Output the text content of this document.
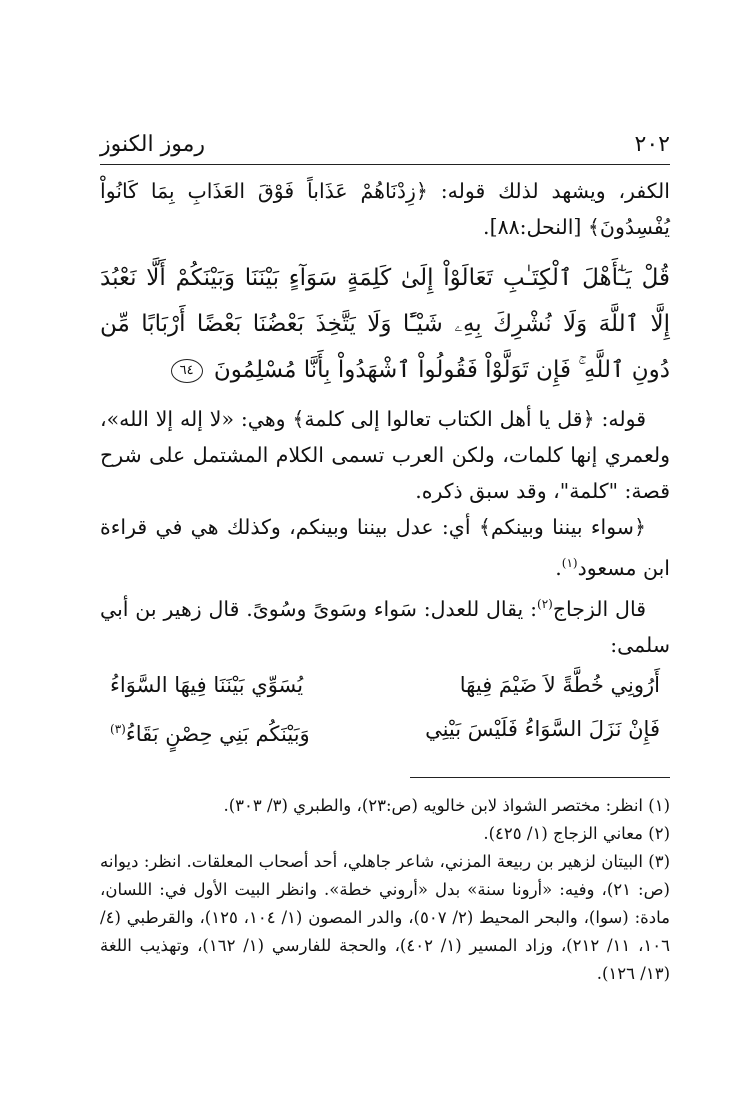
٢٠٢
رموز الكنوز

الكفر، ويشهد لذلك قوله: ﴿زِدْنَاهُمْ عَذَاباً فَوْقَ العَذَابِ بِمَا كَانُواْ يُفْسِدُونَ﴾ [النحل:٨٨].

قُلْ يَـٰٓأَهْلَ ٱلْكِتَـٰبِ تَعَالَوْاْ إِلَىٰ كَلِمَةٍ سَوَآءٍ بَيْنَنَا وَبَيْنَكُمْ أَلَّا نَعْبُدَ إِلَّا ٱللَّهَ وَلَا نُشْرِكَ بِهِۦ شَيْـًٔا وَلَا يَتَّخِذَ بَعْضُنَا بَعْضًا أَرْبَابًا مِّن دُونِ ٱللَّهِ ۚ فَإِن تَوَلَّوْاْ فَقُولُواْ ٱشْهَدُواْ بِأَنَّا مُسْلِمُونَ ٦٤

قوله: ﴿قل يا أهل الكتاب تعالوا إلى كلمة﴾ وهي: «لا إله إلا الله»، ولعمري إنها كلمات، ولكن العرب تسمى الكلام المشتمل على شرح قصة: "كلمة"، وقد سبق ذكره.

﴿سواء بيننا وبينكم﴾ أي: عدل بيننا وبينكم، وكذلك هي في قراءة ابن مسعود$^{(١)}$.

قال الزجاج$^{(٢)}$: يقال للعدل: سَواء وسَوىً وسُوىً. قال زهير بن أبي سلمى:

أَرُونِي خُطَّةً لاَ ضَيْمَ فِيهَا
يُسَوِّي بَيْنَنَا فِيهَا السَّوَاءُ
فَإِنْ نَزَلَ السَّوَاءُ فَلَيْسَ بَيْنِي
وَبَيْنَكُم بَنِي حِصْنٍ بَقَاءُ$^{(٣)}$

(١) انظر: مختصر الشواذ لابن خالويه (ص:٢٣)، والطبري (٣/ ٣٠٣).

(٢) معاني الزجاج (١/ ٤٢٥).

(٣) البيتان لزهير بن ربيعة المزني، شاعر جاهلي، أحد أصحاب المعلقات. انظر: ديوانه (ص: ٢١)، وفيه: «أرونا سنة» بدل «أروني خطة». وانظر البيت الأول في: اللسان، مادة: (سوا)، والبحر المحيط (٢/ ٥٠٧)، والدر المصون (١/ ١٠٤، ١٢٥)، والقرطبي (٤/ ١٠٦، ١١/ ٢١٢)، وزاد المسير (١/ ٤٠٢)، والحجة للفارسي (١/ ١٦٢)، وتهذيب اللغة (١٣/ ١٢٦).
